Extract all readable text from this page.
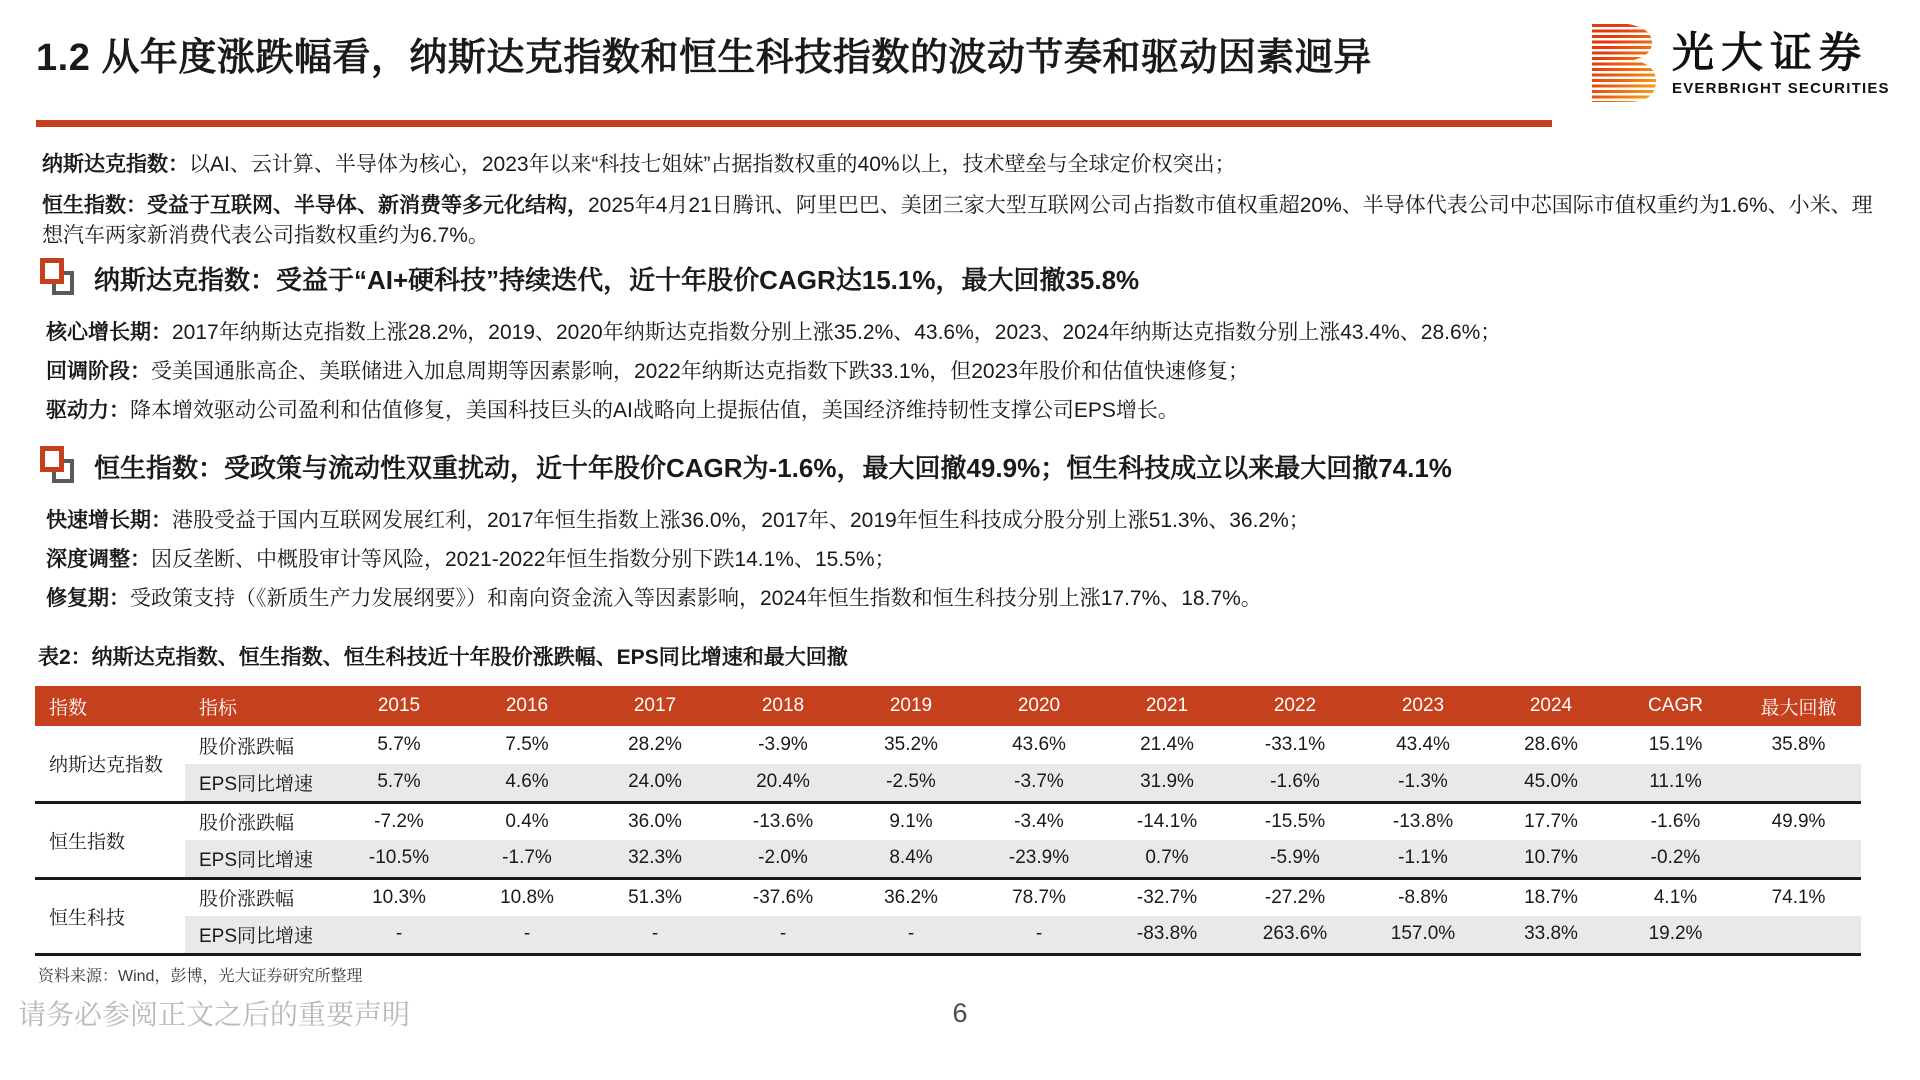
1.2 从年度涨跌幅看，纳斯达克指数和恒生科技指数的波动节奏和驱动因素迥异	光大证券
EVERBRIGHT SECURITIES

纳斯达克指数：以AI、云计算、半导体为核心，2023年以来“科技七姐妹”占据指数权重的40%以上，技术壁垒与全球定价权突出；

恒生指数：受益于互联网、半导体、新消费等多元化结构，2025年4月21日腾讯、阿里巴巴、美团三家大型互联网公司占指数市值权重超20%、半导体代表公司中芯国际市值权重约为1.6%、小米、理想汽车两家新消费代表公司指数权重约为6.7%。

纳斯达克指数：受益于“AI+硬科技”持续迭代，近十年股价CAGR达15.1%，最大回撤35.8%

核心增长期：2017年纳斯达克指数上涨28.2%，2019、2020年纳斯达克指数分别上涨35.2%、43.6%，2023、2024年纳斯达克指数分别上涨43.4%、28.6%；

回调阶段：受美国通胀高企、美联储进入加息周期等因素影响，2022年纳斯达克指数下跌33.1%，但2023年股价和估值快速修复；

驱动力：降本增效驱动公司盈利和估值修复，美国科技巨头的AI战略向上提振估值，美国经济维持韧性支撑公司EPS增长。

恒生指数：受政策与流动性双重扰动，近十年股价CAGR为-1.6%，最大回撤49.9%；恒生科技成立以来最大回撤74.1%

快速增长期：港股受益于国内互联网发展红利，2017年恒生指数上涨36.0%，2017年、2019年恒生科技成分股分别上涨51.3%、36.2%；

深度调整：因反垄断、中概股审计等风险，2021-2022年恒生指数分别下跌14.1%、15.5%；

修复期：受政策支持（《新质生产力发展纲要》）和南向资金流入等因素影响，2024年恒生指数和恒生科技分别上涨17.7%、18.7%。

表2：纳斯达克指数、恒生指数、恒生科技近十年股价涨跌幅、EPS同比增速和最大回撤
指数	指标	2015	2016	2017	2018	2019	2020	2021	2022	2023	2024	CAGR	最大回撤
纳斯达克指数	股价涨跌幅	5.7%	7.5%	28.2%	-3.9%	35.2%	43.6%	21.4%	-33.1%	43.4%	28.6%	15.1%	35.8%
	EPS同比增速	5.7%	4.6%	24.0%	20.4%	-2.5%	-3.7%	31.9%	-1.6%	-1.3%	45.0%	11.1%	
恒生指数	股价涨跌幅	-7.2%	0.4%	36.0%	-13.6%	9.1%	-3.4%	-14.1%	-15.5%	-13.8%	17.7%	-1.6%	49.9%
	EPS同比增速	-10.5%	-1.7%	32.3%	-2.0%	8.4%	-23.9%	0.7%	-5.9%	-1.1%	10.7%	-0.2%	
恒生科技	股价涨跌幅	10.3%	10.8%	51.3%	-37.6%	36.2%	78.7%	-32.7%	-27.2%	-8.8%	18.7%	4.1%	74.1%
	EPS同比增速	-	-	-	-	-	-	-83.8%	263.6%	157.0%	33.8%	19.2%	
资料来源：Wind，彭博，光大证券研究所整理
请务必参阅正文之后的重要声明	6
